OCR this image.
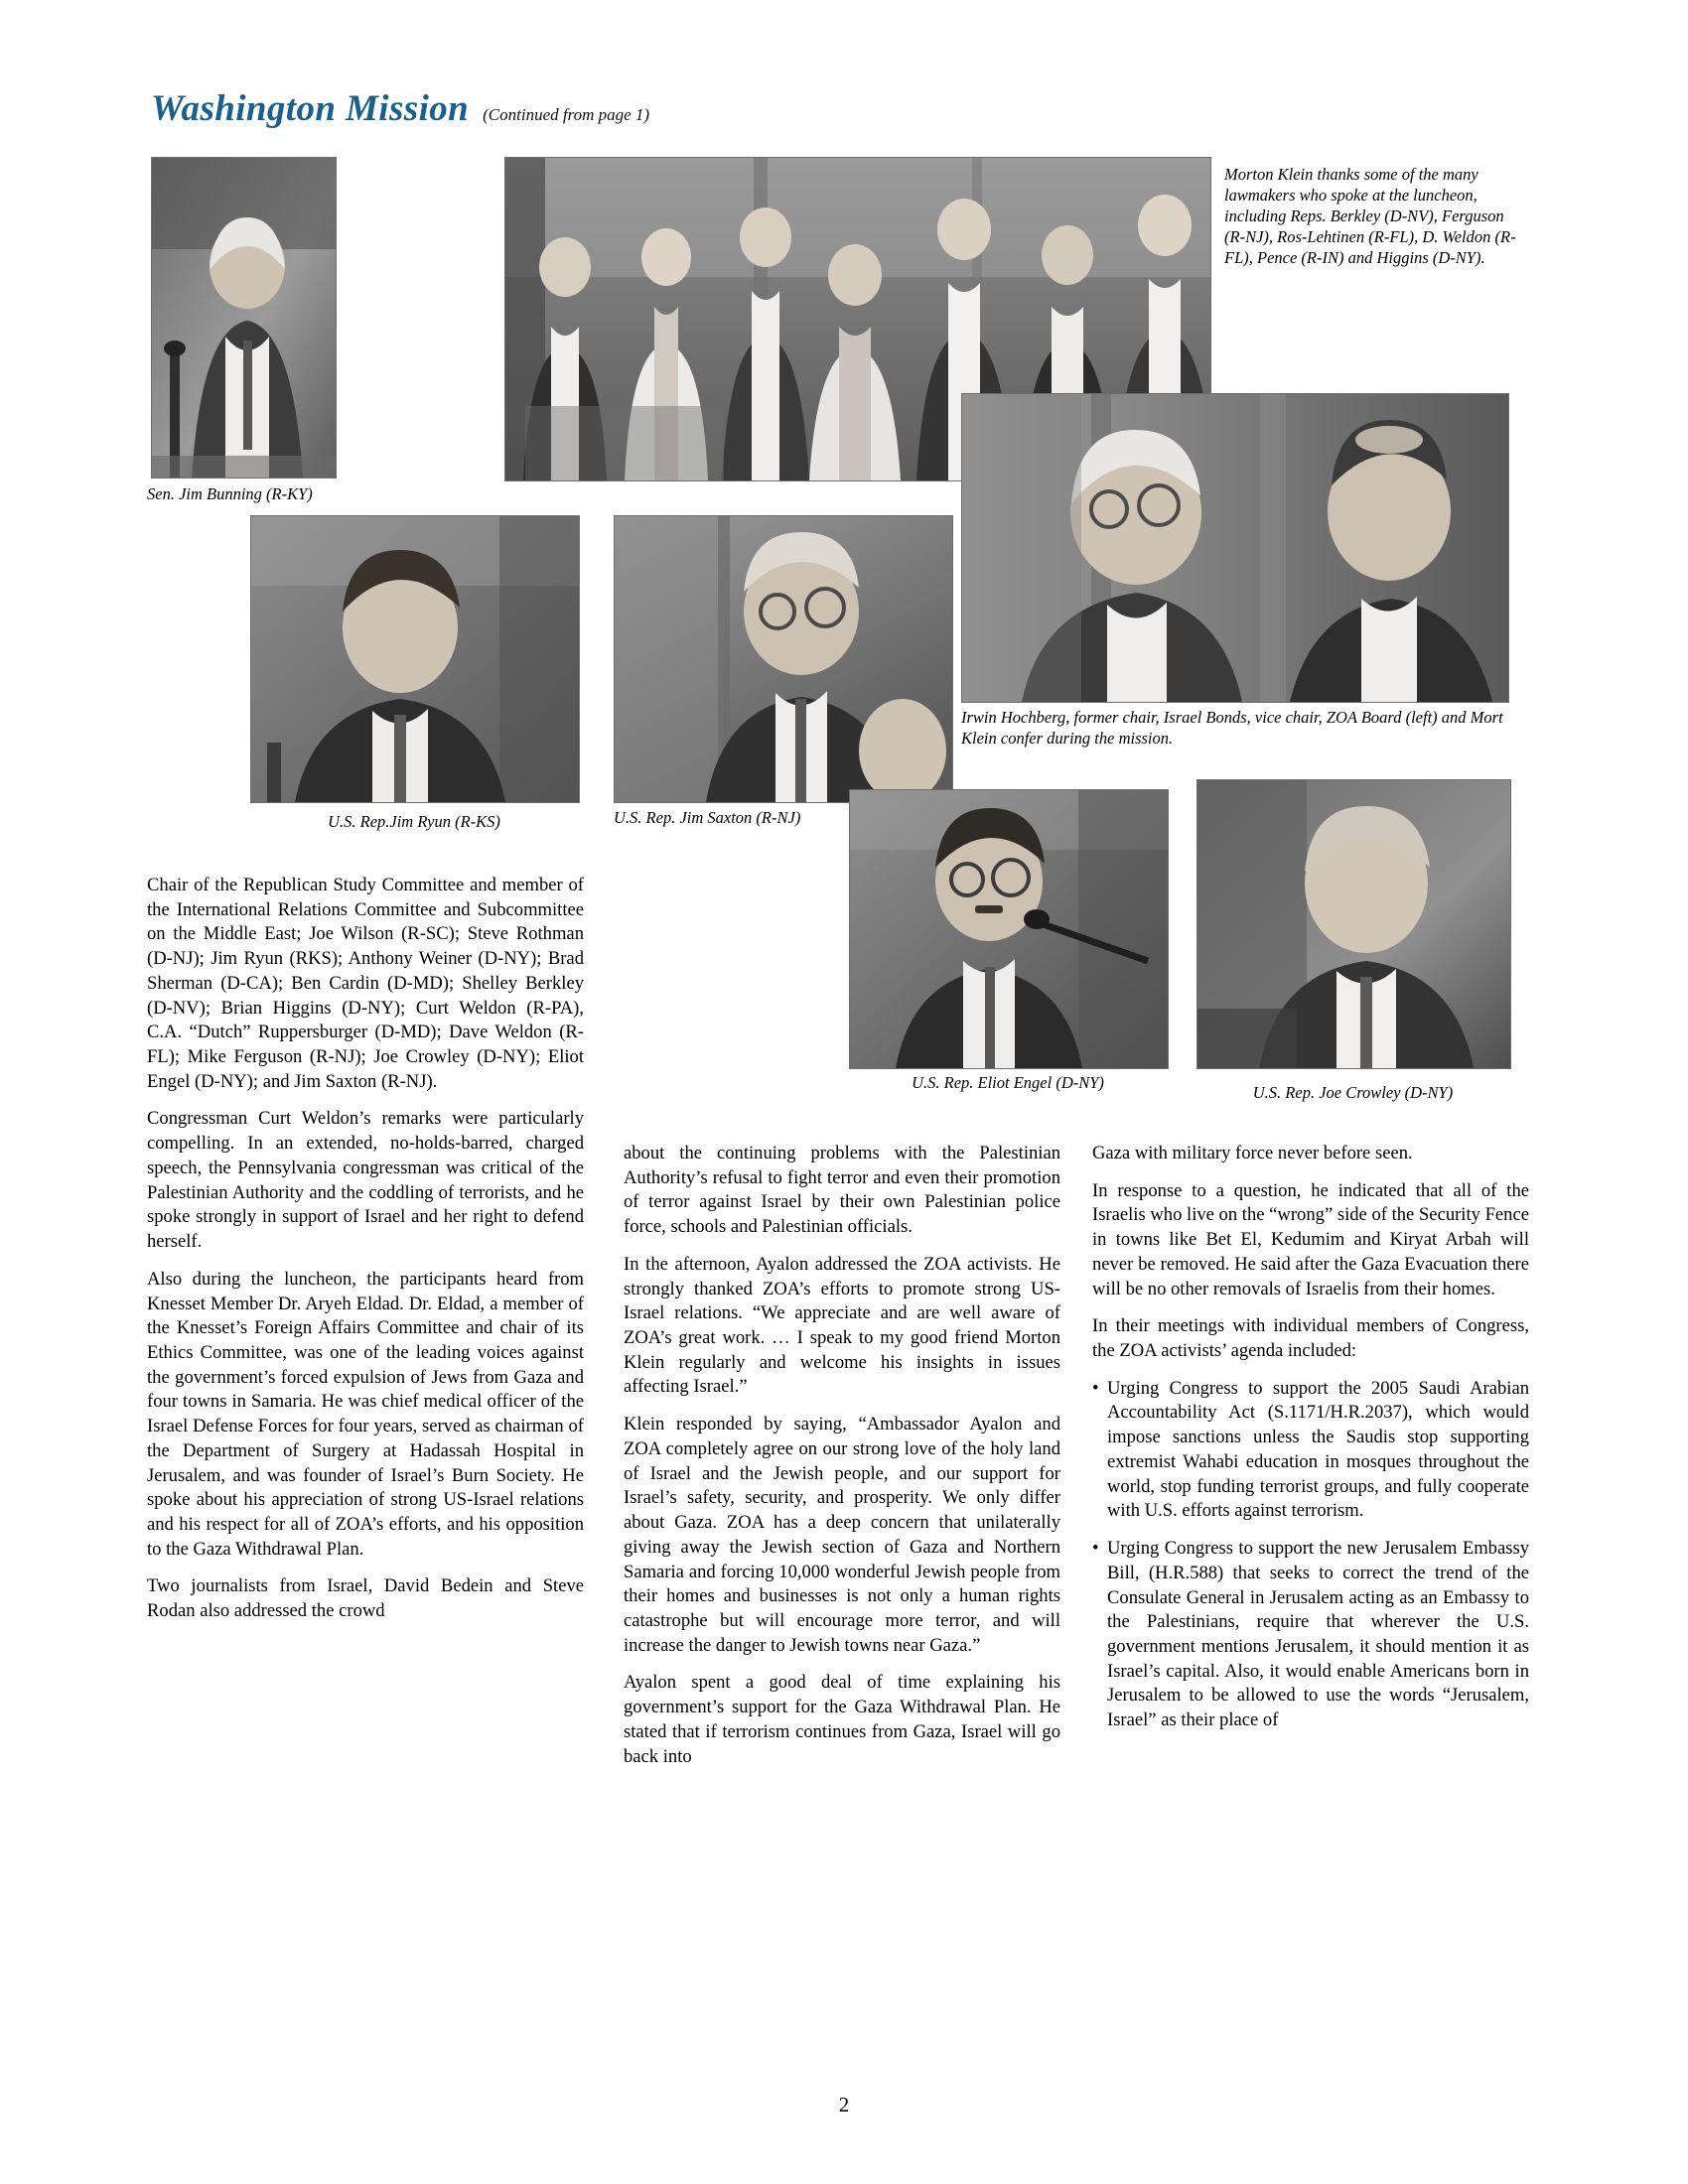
Washington Mission (Continued from page 1)
Sen. Jim Bunning (R-KY)
Morton Klein thanks some of the many lawmakers who spoke at the luncheon, including Reps. Berkley (D-NV), Ferguson (R-NJ), Ros-Lehtinen (R-FL), D. Weldon (R-FL), Pence (R-IN) and Higgins (D-NY).
Irwin Hochberg, former chair, Israel Bonds, vice chair, ZOA Board (left) and Mort Klein confer during the mission.
U.S. Rep.Jim Ryun (R-KS)	U.S. Rep. Jim Saxton (R-NJ)
U.S. Rep. Eliot Engel (D-NY)
U.S. Rep. Joe Crowley (D-NY)

Chair of the Republican Study Committee and member of the International Relations Committee and Subcommittee on the Middle East; Joe Wilson (R-SC); Steve Rothman (D-NJ); Jim Ryun (RKS); Anthony Weiner (D-NY); Brad Sherman (D-CA); Ben Cardin (D-MD); Shelley Berkley (D-NV); Brian Higgins (D-NY); Curt Weldon (R-PA), C.A. “Dutch” Ruppersburger (D-MD); Dave Weldon (R-FL); Mike Ferguson (R-NJ); Joe Crowley (D-NY); Eliot Engel (D-NY); and Jim Saxton (R-NJ).

Congressman Curt Weldon’s remarks were particularly compelling. In an extended, no-holds-barred, charged speech, the Pennsylvania congressman was critical of the Palestinian Authority and the coddling of terrorists, and he spoke strongly in support of Israel and her right to defend herself.

Also during the luncheon, the participants heard from Knesset Member Dr. Aryeh Eldad. Dr. Eldad, a member of the Knesset’s Foreign Affairs Committee and chair of its Ethics Committee, was one of the leading voices against the government’s forced expulsion of Jews from Gaza and four towns in Samaria. He was chief medical officer of the Israel Defense Forces for four years, served as chairman of the Department of Surgery at Hadassah Hospital in Jerusalem, and was founder of Israel’s Burn Society. He spoke about his appreciation of strong US-Israel relations and his respect for all of ZOA’s efforts, and his opposition to the Gaza Withdrawal Plan.

Two journalists from Israel, David Bedein and Steve Rodan also addressed the crowd

about the continuing problems with the Palestinian Authority’s refusal to fight terror and even their promotion of terror against Israel by their own Palestinian police force, schools and Palestinian officials.

In the afternoon, Ayalon addressed the ZOA activists. He strongly thanked ZOA’s efforts to promote strong US-Israel relations. “We appreciate and are well aware of ZOA’s great work. … I speak to my good friend Morton Klein regularly and welcome his insights in issues affecting Israel.”

Klein responded by saying, “Ambassador Ayalon and ZOA completely agree on our strong love of the holy land of Israel and the Jewish people, and our support for Israel’s safety, security, and prosperity. We only differ about Gaza. ZOA has a deep concern that unilaterally giving away the Jewish section of Gaza and Northern Samaria and forcing 10,000 wonderful Jewish people from their homes and businesses is not only a human rights catastrophe but will encourage more terror, and will increase the danger to Jewish towns near Gaza.”

Ayalon spent a good deal of time explaining his government’s support for the Gaza Withdrawal Plan. He stated that if terrorism continues from Gaza, Israel will go back into

Gaza with military force never before seen.

In response to a question, he indicated that all of the Israelis who live on the “wrong” side of the Security Fence in towns like Bet El, Kedumim and Kiryat Arbah will never be removed. He said after the Gaza Evacuation there will be no other removals of Israelis from their homes.

In their meetings with individual members of Congress, the ZOA activists’ agenda included:

• Urging Congress to support the 2005 Saudi Arabian Accountability Act (S.1171/H.R.2037), which would impose sanctions unless the Saudis stop supporting extremist Wahabi education in mosques throughout the world, stop funding terrorist groups, and fully cooperate with U.S. efforts against terrorism.

• Urging Congress to support the new Jerusalem Embassy Bill, (H.R.588) that seeks to correct the trend of the Consulate General in Jerusalem acting as an Embassy to the Palestinians, require that wherever the U.S. government mentions Jerusalem, it should mention it as Israel’s capital. Also, it would enable Americans born in Jerusalem to be allowed to use the words “Jerusalem, Israel” as their place of

2
